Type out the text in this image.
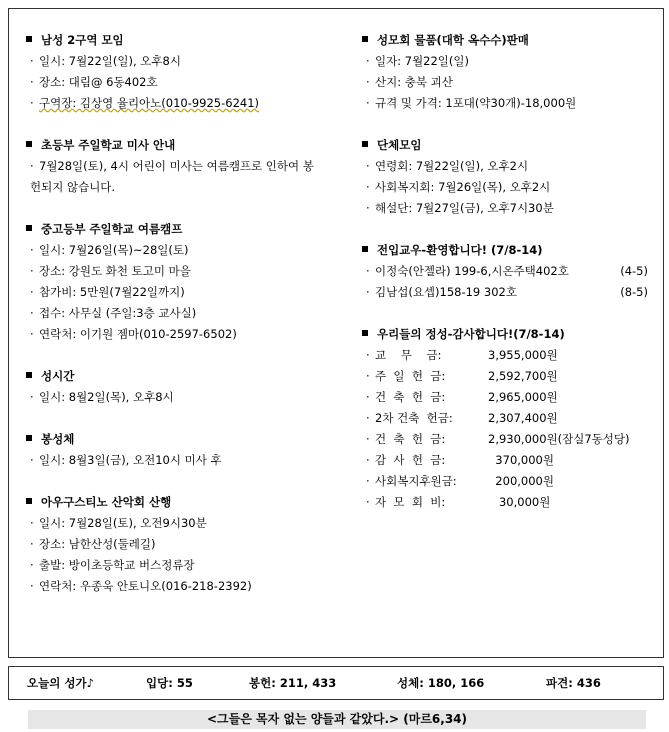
남성 2구역 모임
· 일시: 7월22일(일), 오후8시
· 장소: 대림@ 6동402호
· 구역장: 김상영 율리아노(010-9925-6241)
초등부 주일학교 미사 안내
· 7월28일(토), 4시 어린이 미사는 여름캠프로 인하여 봉헌되지 않습니다.
중고등부 주일학교 여름캠프
· 일시: 7월26일(목)~28일(토)
· 장소: 강원도 화천 토고미 마을
· 참가비: 5만원(7월22일까지)
· 접수: 사무실 (주일:3층 교사실)
· 연락처: 이기원 젬마(010-2597-6502)
성시간
· 일시: 8월2일(목), 오후8시
봉성체
· 일시: 8월3일(금), 오전10시 미사 후
아우구스티노 산악회 산행
· 일시: 7월28일(토), 오전9시30분
· 장소: 남한산성(둘레길)
· 출발: 방이초등학교 버스정류장
· 연락처: 우종욱 안토니오(016-218-2392)
성모회 물품(대학 옥수수)판매
· 일자: 7월22일(일)
· 산지: 충북 괴산
· 규격 및 가격: 1포대(약30개)-18,000원
단체모임
· 연령회: 7월22일(일), 오후2시
· 사회복지회: 7월26일(목), 오후2시
· 해설단: 7월27일(금), 오후7시30분
전입교우-환영합니다! (7/8-14)
· 이정숙(안젤라) 199-6,시온주택402호	(4-5)
· 김남섭(요셉)158-19 302호	(8-5)
우리들의 정성-감사합니다!(7/8-14)
· 교    무    금:	3,955,000원
· 주  일  헌  금:	2,592,700원
· 건  축  헌  금:	2,965,000원
· 2차 건축  헌금:	2,307,400원
· 건  축  헌  금:	2,930,000원(잠실7동성당)
· 감  사  헌  금:	370,000원
· 사회복지후원금:	200,000원
· 자  모  회  비:	30,000원
오늘의 성가♪	입당: 55	봉헌: 211, 433	성체: 180, 166	파견: 436
<그들은 목자 없는 양들과 같았다.> (마르6,34)
